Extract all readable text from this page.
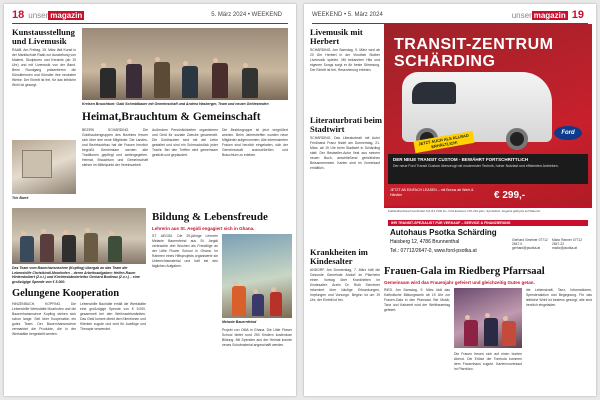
18 unser magazin	5. März 2024 • WEEKEND
Kunstausstellung und Livemusik
RAAB. Am Freitag, 15. März lädt Kunst in der Marktschule Raab zur Ausstellung von Malerei, Skulpturen und Keramik (ab 19 Uhr) und mit Livemusik von der Band. Beim Rundgang präsentieren die Künstlerinnen und Künstler ihre neuesten Werke. Der Eintritt ist frei, für das leibliche Wohl ist gesorgt.
Tric Barré
Kreisen Brauchtum: Gabi Schmidbauer mit Gemeinschaft und Andrea Hasberger, Team und neuen Gehlesenden
Heimat,Brauchtum & Gemeinschaft
BEZIRK SCHÄRDING. Die Goldhaubengruppen des Bezirkes freuen sich über drei neue Mitglieder. Die Landes- und Bezirksobfrau hat die Frauen herzlich begrüßt. Gemeinsam werden alte Traditionen gepflegt und weitergegeben. Heimat, Brauchtum und Gemeinschaft stehen im Mittelpunkt der Vereinsarbeit.
Außerdem Persönlichkeiten organisieren und Geld für soziale Zwecke gesammelt. Die Goldhauben sind mit viel Liebe gestaltet und sind ein Schmuckstück jeder Tracht. Bei den Treffen wird gemeinsam gestickt und geplaudert.
Die Bezirksgruppe ist jetzt vergrößert worden. Beim Jahrestreffen wurden neue Mitglieder aufgenommen. Alle interessierten Frauen sind herzlich eingeladen, sich der Gemeinschaft anzuschließen und Brauchtum zu erleben.
Das Team vom Bauerhansnschne (Kopfing) übergab an das Team der Lebenshilfe Christkindl-Moarhofen – deren Arbeitsaufgaben: Helfen-Raum Hinterstoibert (2.v.l.) und Kirchtesbänderleiter Gerhard Bodinau (2.v.r.) – eine großzügige Spende von € 5.000.
Gelungene Kooperation
HINZENBUCH, KOPFING. Die Lebenshilfe Werkstätte Moarhofen und die Bauernhansnschne Kopfing stehen sich schon lange. Seit über Kooperation ein gutes Team. Der Bauernhansnschne vermarktet die Produkte, die in der Werkstätte hergestellt werden.
Lebenshilfe Bauhütte erhält die Werkstätte eine großzügige Spende von € 5.000, gesammelt bei den Weihnachtsmärkten. Das Geld kommt direkt den Klientinnen und Klienten zugute und wird für Ausflüge und Therapie verwendet.
Bildung & Lebensfreude
Lehrerin aus St. Aegidi engagiert sich in Ghana.
ST. AEGIDI. Die 29-jährige Lehrerin Melanie Bauernfeind aus St. Aegidi verbrachte drei Wochen als Freiwillige an der Little Flower School in Ghana. Im Rahmen eines Hilfsprojekts organisierte sie Unterrichtsmaterial und half bei den täglichen Aufgaben.
Melanie Bauernfeind
Projekt von OMA in Ghana. Die Little Flower School bietet rund 250 Kindern kostenlose Bildung. Mit Spenden aus der Heimat konnte neues Schulmaterial angeschafft werden.
WEEKEND • 5. März 2024	unser magazin 19
Livemusik mit Herbert
SCHÄRDING. Am Samstag, 9. März wird ab 20 Uhr Herbert in der Vinothek Stoiber Livemusik spielen. Mit bekannten Hits und eigenen Songs sorgt er für beste Stimmung. Der Eintritt ist frei, Reservierung erbeten.
Literaturbrati beim Stadtwirt
SCHÄRDING. Das Literaturbrati mit Autor Ferdinand Franz findet am Donnerstag, 21. März, ab 19 Uhr beim Stadtwirt in Schärding statt. Der Bestseller-Autor liest aus seinem neuen Buch, anschließend gemütliches Beisammensein. Karten sind im Vorverkauf erhältlich.
Krankheiten im Kindesalter
ANDORF. Am Donnerstag, 7. März hält die Gesunde Gemeinde Andorf im Pfarrheim einen Vortrag über Krankheiten im Kindesalter. Ärztin Dr. Ruth Schreiner informiert über häufige Erkrankungen, Impfungen und Vorsorge. Beginn ist um 19 Uhr, der Eintritt ist frei.
TRANSIT-ZENTRUM SCHÄRDING
JETZT AUCH ALS ALLRAD ERHÄLTLICH!
Ford
DER NEUE TRANSIT CUSTOM - BEWÄHRT FORTSCHRITTLICH
Der neue Ford Transit Custom überzeugt mit modernster Technik, hoher Nutzlast und effizienten Antrieben.
JETZT AB EINFACH LEASEN – mit Bonus ab Werk & Händler	€ 299,-
Kraftstoffverbrauch kombiniert 6,8–8,4 l/100 km, CO2-Emission 178–219 g/km. Symbolfoto. Angebot gültig bis auf Widerruf.
IHR TRANSIT-SPEZIALIST FÜR VERKAUF – SERVICE & FINANZIERUNG
Autohaus Psotka Schärding
Haisberg 12, 4786 Brunnenthal
Tel.: 07712/2647-0, www.ford-psotka.at
Gerhard Gmeiner 07712 2647-0 gerhard@psotka.at
Mario Ranner 07712 2647-22 mario@psotka.at
Frauen-Gala im Riedberg Pfarrsaal
Gemeinsam wird das Frauenjahr gefeiert und gleichzeitig Gutes getan.
RIED. Am Samstag, 9. März lädt das Katholische Bildungswerk ab 19 Uhr zur Frauen-Gala in den Pfarrsaal. Bei Musik, Tanz und Kabarett wird der Weltfrauentag gefeiert.
Die Frauen freuen sich auf einen bunten Abend. Die Erlöse der Tombola kommen dem Frauenhaus zugute. Kartenvorverkauf im Pfarrbüro.
die Lebenskraft, Tanz, Informationen, Spendenaktion und Begegnung. Für das leibliche Wohl ist bestens gesorgt, alle sind herzlich eingeladen.
